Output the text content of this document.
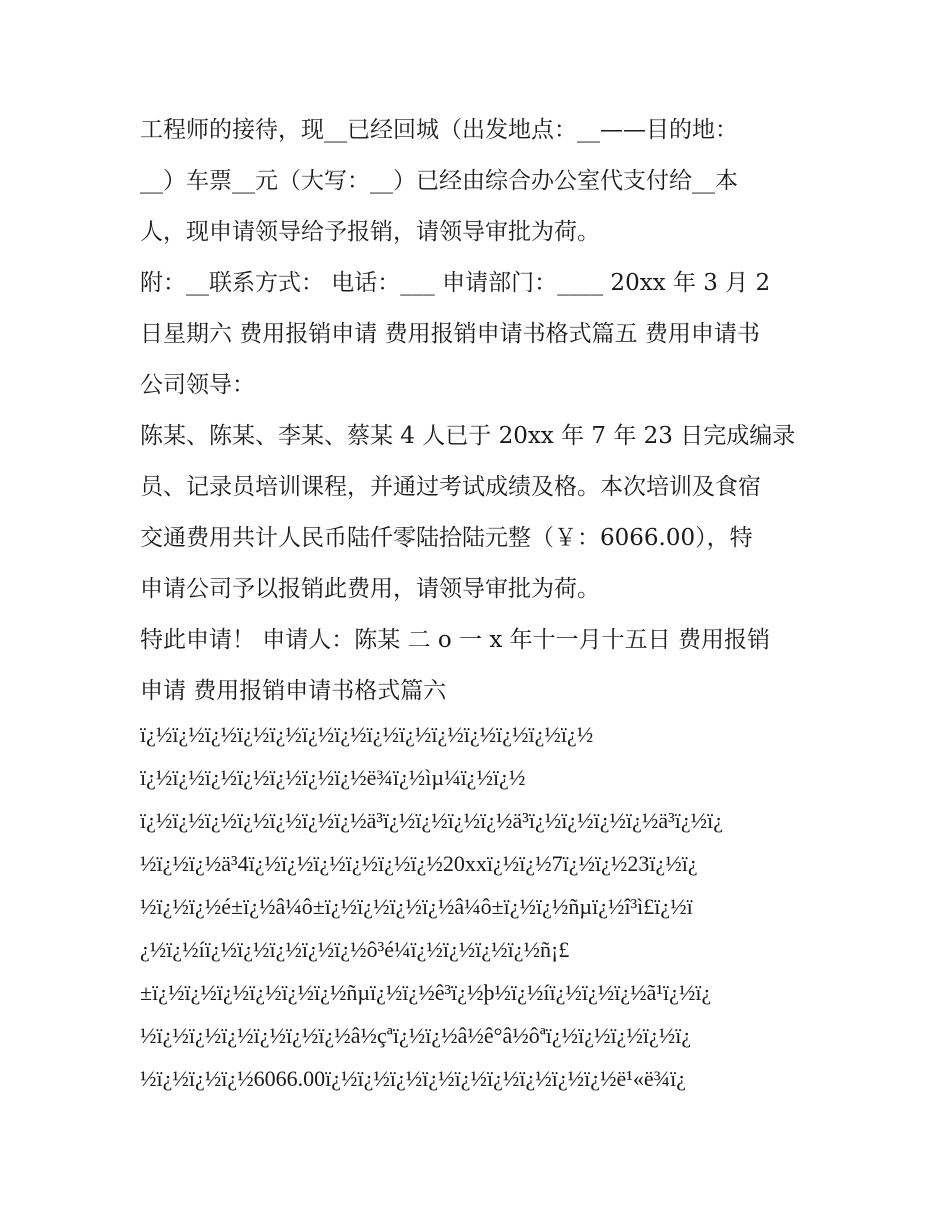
工程师的接待，现__已经回城（出发地点：__——目的地：
__）车票__元（大写：__）已经由综合办公室代支付给__本
人，现申请领导给予报销，请领导审批为荷。
附：__联系方式： 电话：___ 申请部门：____ 20xx 年 3 月 2
日星期六 费用报销申请 费用报销申请书格式篇五 费用申请书
公司领导：
陈某、陈某、李某、蔡某 4 人已于 20xx 年 7 年 23 日完成编录
员、记录员培训课程，并通过考试成绩及格。本次培训及食宿
交通费用共计人民币陆仟零陆拾陆元整（￥：6066.00），特
申请公司予以报销此费用，请领导审批为荷。
特此申请！ 申请人：陈某 二 o 一 x 年十一月十五日 费用报销
申请 费用报销申请书格式篇六
ï¿½ï¿½ï¿½ï¿½ï¿½ï¿½ï¿½ï¿½ï¿½ï¿½ï¿½ï¿½ï¿½ï¿½
ï¿½ï¿½ï¿½ï¿½ï¿½ï¿½ï¿½ë¾ï¿½ìµ¼ï¿½ï¿½
ï¿½ï¿½ï¿½ï¿½ï¿½ï¿½ï¿½ä³ï¿½ï¿½ï¿½ï¿½ä³ï¿½ï¿½ï¿½ï¿½ä³ï¿½ï¿
½ï¿½ï¿½ä³4ï¿½ï¿½ï¿½ï¿½ï¿½ï¿½20xxï¿½ï¿½7ï¿½ï¿½23ï¿½ï¿
½ï¿½ï¿½é±ï¿½â¼ô±ï¿½ï¿½ï¿½ï¿½â¼ô±ï¿½ï¿½ñµï¿½î³ì£ï¿½ï
¿½ï¿½íï¿½ï¿½ï¿½ï¿½ï¿½ô³é¼ï¿½ï¿½ï¿½ï¿½ñ¡£
±ï¿½ï¿½ï¿½ï¿½ï¿½ï¿½ñµï¿½ï¿½ê³ï¿½þ½ï¿½íï¿½ï¿½ï¿½ã¹ï¿½ï¿
½ï¿½ï¿½ï¿½ï¿½ï¿½ï¿½â½çªï¿½ï¿½â½ê°â½ôªï¿½ï¿½ï¿½ï¿½ï¿
½ï¿½ï¿½ï¿½6066.00ï¿½ï¿½ï¿½ï¿½ï¿½ï¿½ï¿½ï¿½ï¿½ë¹«ë¾ï¿
